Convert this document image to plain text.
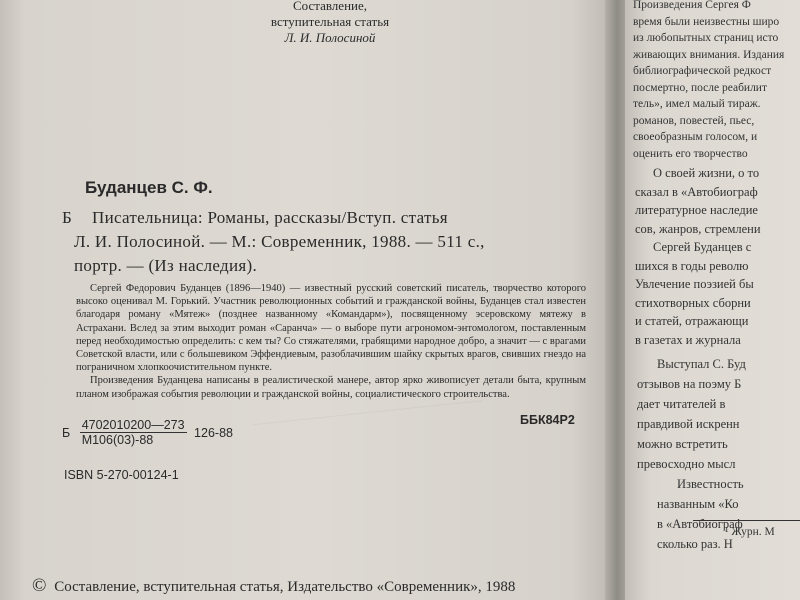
Составление,
вступительная статья
Л. И. Полосиной
Буданцев С. Ф.
Б Писательница: Романы, рассказы/Вступ. статья
Л. И. Полосиной. — М.: Современник, 1988. — 511 с.,
портр. — (Из наследия).
Сергей Федорович Буданцев (1896—1940) — известный русский советский писатель, творчество которого высоко оценивал М. Горький. Участник революционных событий и гражданской войны, Буданцев стал известен благодаря роману «Мятеж» (позднее названному «Командарм»), посвященному эсеровскому мятежу в Астрахани. Вслед за этим выходит роман «Саранча» — о выборе пути агрономом-энтомологом, поставленным перед необходимостью определить: с кем ты? Со стяжателями, грабящими народное добро, а значит — с врагами Советской власти, или с большевиком Эффендиевым, разоблачившим шайку скрытых врагов, свивших гнездо на пограничном хлопкоочистительном пункте.
Произведения Буданцева написаны в реалистической манере, автор ярко живописует детали быта, крупным планом изображая события революции и гражданской войны, социалистического строительства.
Б $\frac{4702010200—273}{М106(03)-88} 126-88$
ББК84Р2
ISBN 5-270-00124-1
© Составление, вступительная статья, Издательство «Современник», 1988
Произведения Сергея Ф
время были неизвестны широ
из любопытных страниц исто
живающих внимания. Издания
библиографической редкост
посмертно, после реабилит
тель», имел малый тираж.
романов, повестей, пьес,
своеобразным голосом, и
оценить его творчество
О своей жизни, о то
сказал в «Автобиограф
литературное наследие
сов, жанров, стремлени
Сергей Буданцев с
шихся в годы револю
Увлечение поэзией бы
стихотворных сборни
и статей, отражающи
в газетах и журнала
Выступал С. Буд
отзывов на поэму Б
дает читателей в
правдивой искренн
можно встретить
превосходно мысл
Известность
названным «Ко
в «Автобиограф
сколько раз. Н
¹ Журн. М
